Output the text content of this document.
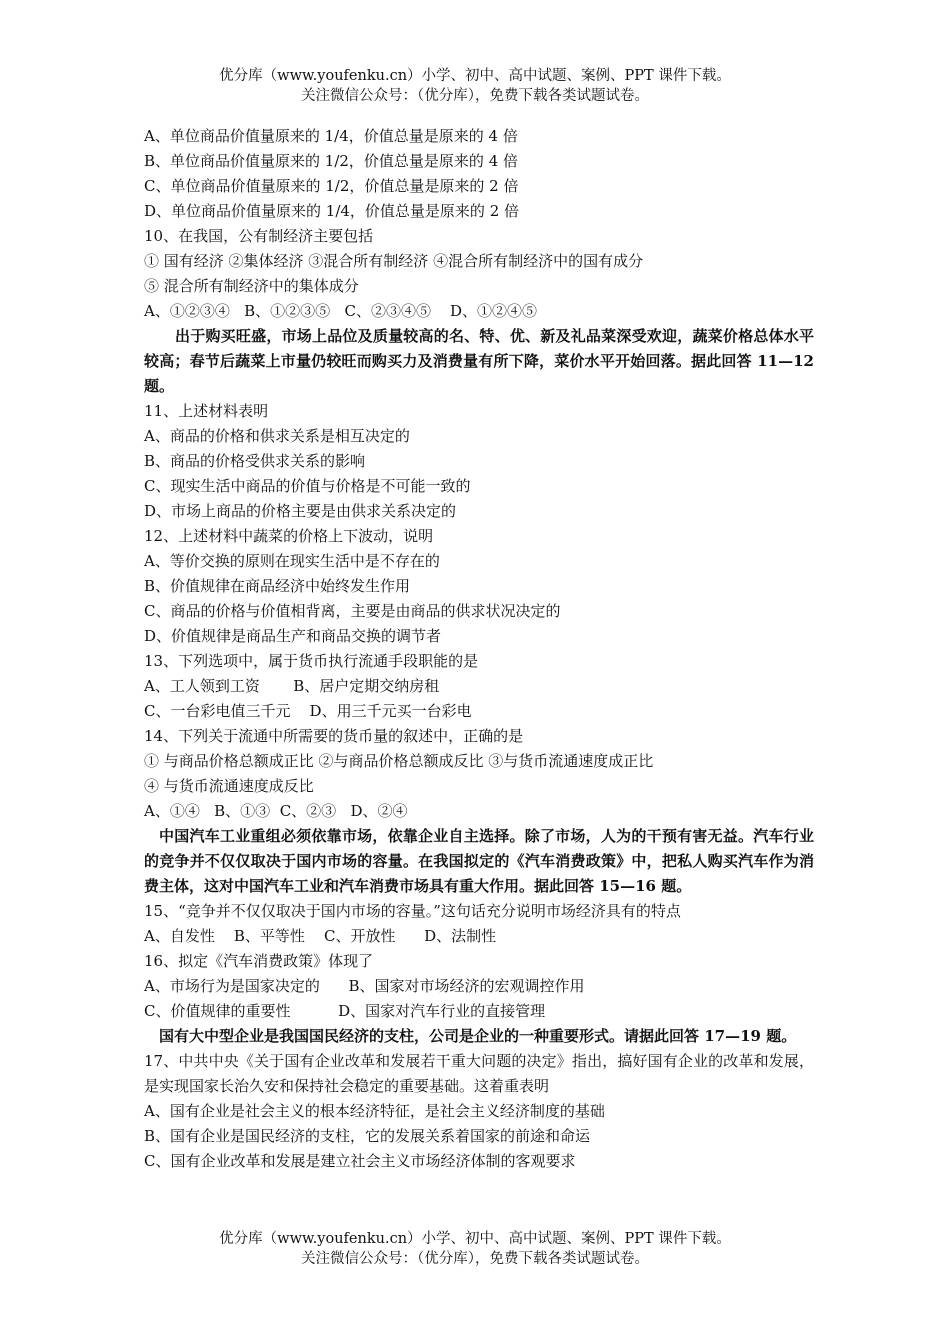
优分库（www.youfenku.cn）小学、初中、高中试题、案例、PPT 课件下载。
关注微信公众号：（优分库），免费下载各类试题试卷。
A、单位商品价值量原来的 1/4，价值总量是原来的 4 倍
B、单位商品价值量原来的 1/2，价值总量是原来的 4 倍
C、单位商品价值量原来的 1/2，价值总量是原来的 2 倍
D、单位商品价值量原来的 1/4，价值总量是原来的 2 倍
10、在我国，公有制经济主要包括
① 国有经济 ②集体经济 ③混合所有制经济 ④混合所有制经济中的国有成分
⑤ 混合所有制经济中的集体成分
A、①②③④   B、①②③⑤   C、②③④⑤    D、①②④⑤
出于购买旺盛，市场上品位及质量较高的名、特、优、新及礼品菜深受欢迎，蔬菜价格总体水平较高；春节后蔬菜上市量仍较旺而购买力及消费量有所下降，菜价水平开始回落。据此回答 11—12 题。
11、上述材料表明
A、商品的价格和供求关系是相互决定的
B、商品的价格受供求关系的影响
C、现实生活中商品的价值与价格是不可能一致的
D、市场上商品的价格主要是由供求关系决定的
12、上述材料中蔬菜的价格上下波动，说明
A、等价交换的原则在现实生活中是不存在的
B、价值规律在商品经济中始终发生作用
C、商品的价格与价值相背离，主要是由商品的供求状况决定的
D、价值规律是商品生产和商品交换的调节者
13、下列选项中，属于货币执行流通手段职能的是
A、工人领到工资       B、居户定期交纳房租
C、一台彩电值三千元    D、用三千元买一台彩电
14、下列关于流通中所需要的货币量的叙述中，正确的是
① 与商品价格总额成正比 ②与商品价格总额成反比 ③与货币流通速度成正比
④ 与货币流通速度成反比
A、①④   B、①③  C、②③   D、②④
中国汽车工业重组必须依靠市场，依靠企业自主选择。除了市场，人为的干预有害无益。汽车行业的竞争并不仅仅取决于国内市场的容量。在我国拟定的《汽车消费政策》中，把私人购买汽车作为消费主体，这对中国汽车工业和汽车消费市场具有重大作用。据此回答 15—16 题。
15、“竞争并不仅仅取决于国内市场的容量。”这句话充分说明市场经济具有的特点
A、自发性    B、平等性    C、开放性      D、法制性
16、拟定《汽车消费政策》体现了
A、市场行为是国家决定的      B、国家对市场经济的宏观调控作用
C、价值规律的重要性          D、国家对汽车行业的直接管理
国有大中型企业是我国国民经济的支柱，公司是企业的一种重要形式。请据此回答 17—19 题。
17、中共中央《关于国有企业改革和发展若干重大问题的决定》指出，搞好国有企业的改革和发展，是实现国家长治久安和保持社会稳定的重要基础。这着重表明
A、国有企业是社会主义的根本经济特征，是社会主义经济制度的基础
B、国有企业是国民经济的支柱，它的发展关系着国家的前途和命运
C、国有企业改革和发展是建立社会主义市场经济体制的客观要求
优分库（www.youfenku.cn）小学、初中、高中试题、案例、PPT 课件下载。
关注微信公众号：（优分库），免费下载各类试题试卷。
